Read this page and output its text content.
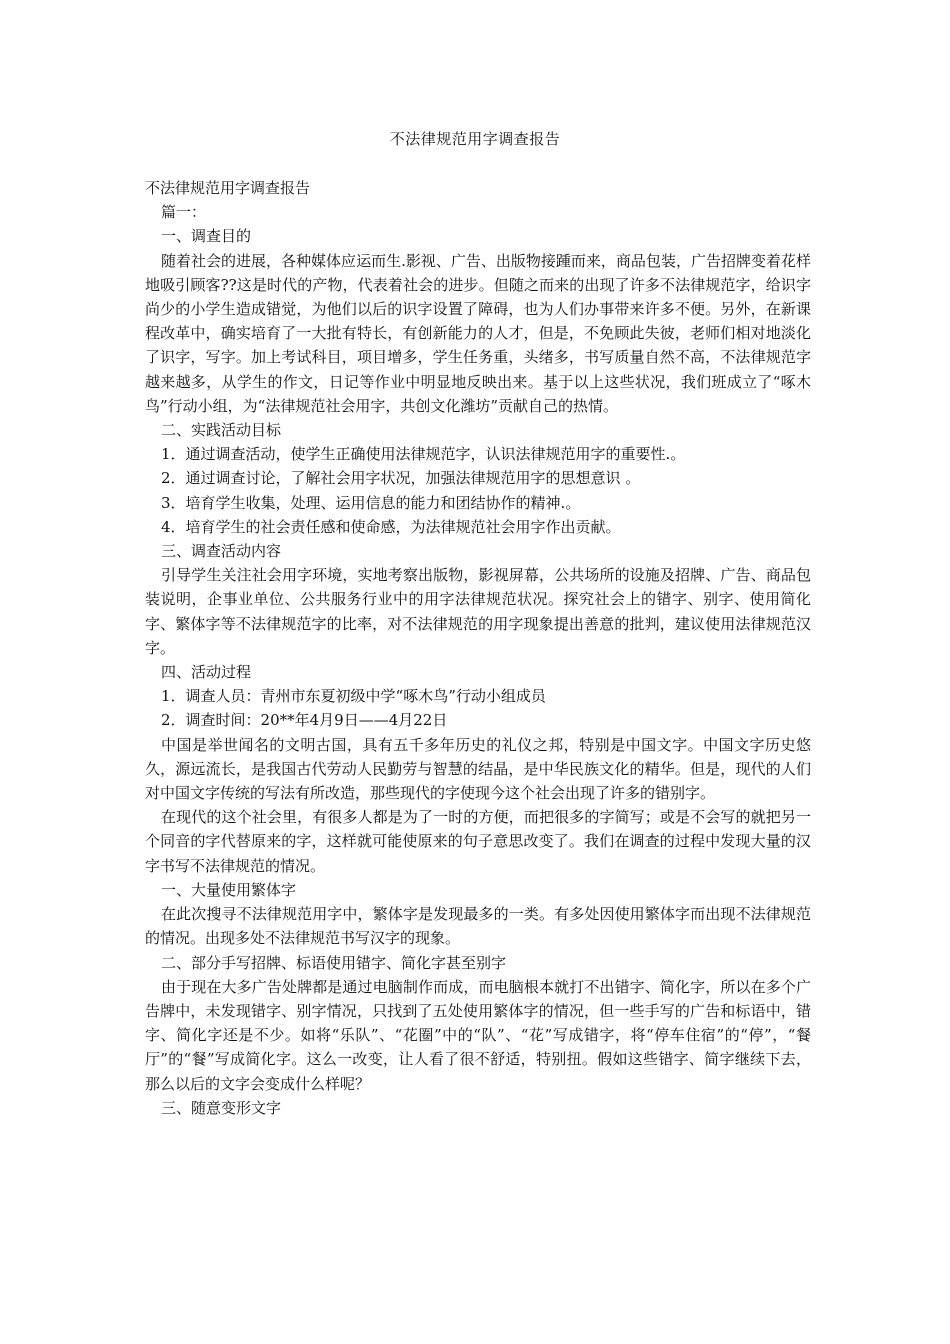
不法律规范用字调查报告

不法律规范用字调查报告

篇一：

一、调查目的

随着社会的进展，各种媒体应运而生.影视、广告、出版物接踵而来，商品包装，广告招牌变着花样地吸引顾客??这是时代的产物，代表着社会的进步。但随之而来的出现了许多不法律规范字，给识字尚少的小学生造成错觉，为他们以后的识字设置了障碍，也为人们办事带来许多不便。另外，在新课程改革中，确实培育了一大批有特长，有创新能力的人才，但是，不免顾此失彼，老师们相对地淡化了识字，写字。加上考试科目，项目增多，学生任务重，头绪多，书写质量自然不高，不法律规范字越来越多，从学生的作文，日记等作业中明显地反映出来。基于以上这些状况，我们班成立了“啄木鸟”行动小组，为“法律规范社会用字，共创文化潍坊”贡献自己的热情。

二、实践活动目标

1．通过调查活动，使学生正确使用法律规范字，认识法律规范用字的重要性.。

2．通过调查讨论，了解社会用字状况，加强法律规范用字的思想意识 。

3．培育学生收集，处理、运用信息的能力和团结协作的精神.。

4．培育学生的社会责任感和使命感，为法律规范社会用字作出贡献。

三、调查活动内容

引导学生关注社会用字环境，实地考察出版物，影视屏幕，公共场所的设施及招牌、广告、商品包装说明，企事业单位、公共服务行业中的用字法律规范状况。探究社会上的错字、别字、使用简化字、繁体字等不法律规范字的比率，对不法律规范的用字现象提出善意的批判，建议使用法律规范汉字。

四、活动过程

1．调查人员：青州市东夏初级中学“啄木鸟”行动小组成员

2．调查时间：20**年4月9日——4月22日

中国是举世闻名的文明古国，具有五千多年历史的礼仪之邦，特别是中国文字。中国文字历史悠久，源远流长，是我国古代劳动人民勤劳与智慧的结晶，是中华民族文化的精华。但是，现代的人们对中国文字传统的写法有所改造，那些现代的字使现今这个社会出现了许多的错别字。

在现代的这个社会里，有很多人都是为了一时的方便，而把很多的字简写；或是不会写的就把另一个同音的字代替原来的字，这样就可能使原来的句子意思改变了。我们在调查的过程中发现大量的汉字书写不法律规范的情况。

一、大量使用繁体字

在此次搜寻不法律规范用字中，繁体字是发现最多的一类。有多处因使用繁体字而出现不法律规范的情况。出现多处不法律规范书写汉字的现象。

二、部分手写招牌、标语使用错字、简化字甚至别字

由于现在大多广告处牌都是通过电脑制作而成，而电脑根本就打不出错字、简化字，所以在多个广告牌中，未发现错字、别字情况，只找到了五处使用繁体字的情况，但一些手写的广告和标语中，错字、简化字还是不少。如将“乐队”、“花圈”中的“队”、“花”写成错字，将“停车住宿”的“停”，“餐厅”的“餐”写成简化字。这么一改变，让人看了很不舒适，特别扭。假如这些错字、简字继续下去，那么以后的文字会变成什么样呢？

三、随意变形文字
